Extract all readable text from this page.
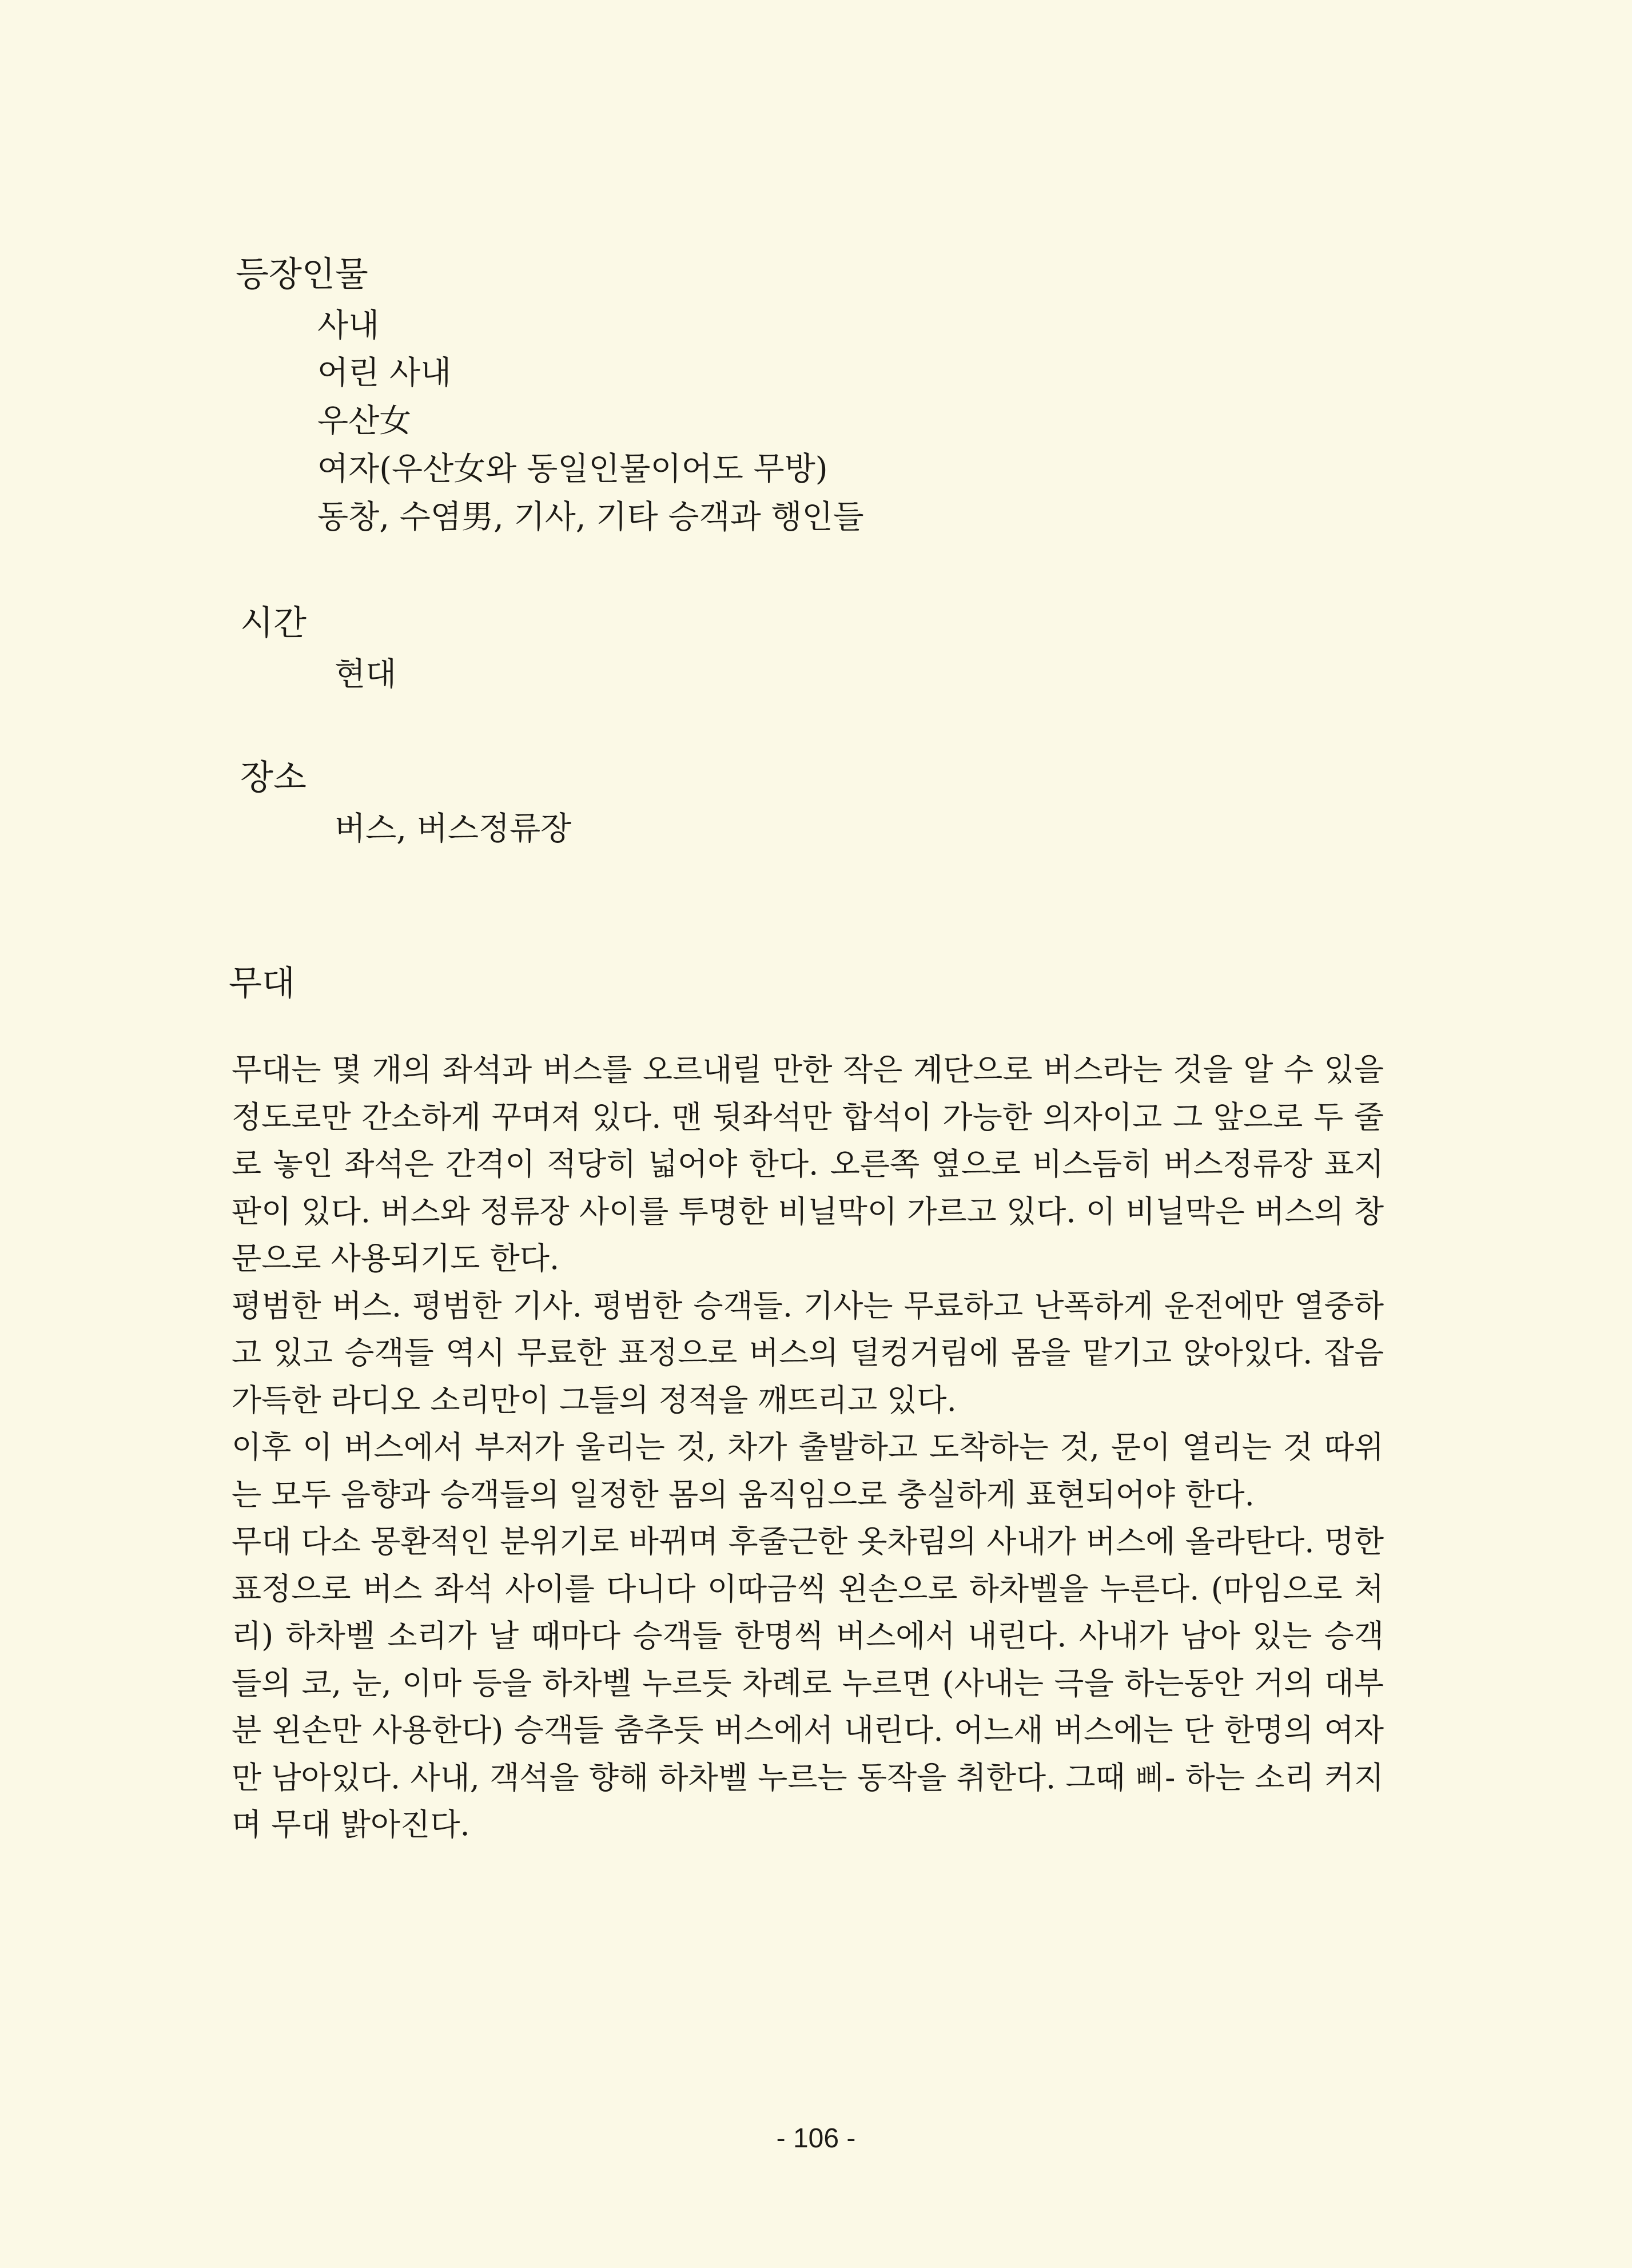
등장인물
사내
어린 사내
우산女
여자(우산女와 동일인물이어도 무방)
동창, 수염男, 기사, 기타 승객과 행인들
시간
현대
장소
버스, 버스정류장
무대

무대는 몇 개의 좌석과 버스를 오르내릴 만한 작은 계단으로 버스라는 것을 알 수 있을 정도로만 간소하게 꾸며져 있다. 맨 뒷좌석만 합석이 가능한 의자이고 그 앞으로 두 줄로 놓인 좌석은 간격이 적당히 넓어야 한다. 오른쪽 옆으로 비스듬히 버스정류장 표지판이 있다. 버스와 정류장 사이를 투명한 비닐막이 가르고 있다. 이 비닐막은 버스의 창문으로 사용되기도 한다.

평범한 버스. 평범한 기사. 평범한 승객들. 기사는 무료하고 난폭하게 운전에만 열중하고 있고 승객들 역시 무료한 표정으로 버스의 덜컹거림에 몸을 맡기고 앉아있다. 잡음 가득한 라디오 소리만이 그들의 정적을 깨뜨리고 있다.

이후 이 버스에서 부저가 울리는 것, 차가 출발하고 도착하는 것, 문이 열리는 것 따위는 모두 음향과 승객들의 일정한 몸의 움직임으로 충실하게 표현되어야 한다.

무대 다소 몽환적인 분위기로 바뀌며 후줄근한 옷차림의 사내가 버스에 올라탄다. 멍한 표정으로 버스 좌석 사이를 다니다 이따금씩 왼손으로 하차벨을 누른다. (마임으로 처리) 하차벨 소리가 날 때마다 승객들 한명씩 버스에서 내린다. 사내가 남아 있는 승객들의 코, 눈, 이마 등을 하차벨 누르듯 차례로 누르면 (사내는 극을 하는동안 거의 대부분 왼손만 사용한다) 승객들 춤추듯 버스에서 내린다. 어느새 버스에는 단 한명의 여자만 남아있다. 사내, 객석을 향해 하차벨 누르는 동작을 취한다. 그때 삐- 하는 소리 커지며 무대 밝아진다.

- 106 -
